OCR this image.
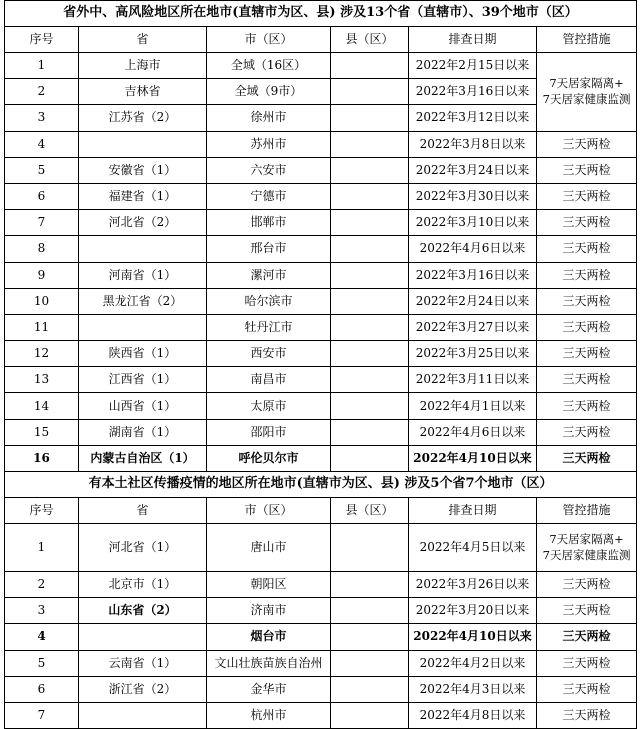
省外中、高风险地区所在地市(直辖市为区、县) 涉及13个省（直辖市）、39个地市（区）					
序号	省	市（区）	县（区）	排查日期	管控措施
1	上海市	全域（16区）		2022年2月15日以来	7天居家隔离+
7天居家健康监测
2	吉林省	全域（9市）		2022年3月16日以来	
3	江苏省（2）	徐州市		2022年3月12日以来	
4		苏州市		2022年3月8日以来	三天两检
5	安徽省（1）	六安市		2022年3月24日以来	三天两检
6	福建省（1）	宁德市		2022年3月30日以来	三天两检
7	河北省（2）	邯郸市		2022年3月10日以来	三天两检
8		邢台市		2022年4月6日以来	三天两检
9	河南省（1）	漯河市		2022年3月16日以来	三天两检
10	黑龙江省（2）	哈尔滨市		2022年2月24日以来	三天两检
11		牡丹江市		2022年3月27日以来	三天两检
12	陕西省（1）	西安市		2022年3月25日以来	三天两检
13	江西省（1）	南昌市		2022年3月11日以来	三天两检
14	山西省（1）	太原市		2022年4月1日以来	三天两检
15	湖南省（1）	邵阳市		2022年4月6日以来	三天两检
16	内蒙古自治区（1）	呼伦贝尔市		2022年4月10日以来	三天两检
有本土社区传播疫情的地区所在地市(直辖市为区、县) 涉及5个省7个地市（区）					
序号	省	市（区）	县（区）	排查日期	管控措施
1	河北省（1）	唐山市		2022年4月5日以来	7天居家隔离+
7天居家健康监测
2	北京市（1）	朝阳区		2022年3月26日以来	三天两检
3	山东省（2）	济南市		2022年3月20日以来	三天两检
4		烟台市		2022年4月10日以来	三天两检
5	云南省（1）	文山壮族苗族自治州		2022年4月2日以来	三天两检
6	浙江省（2）	金华市		2022年4月3日以来	三天两检
7		杭州市		2022年4月8日以来	三天两检
